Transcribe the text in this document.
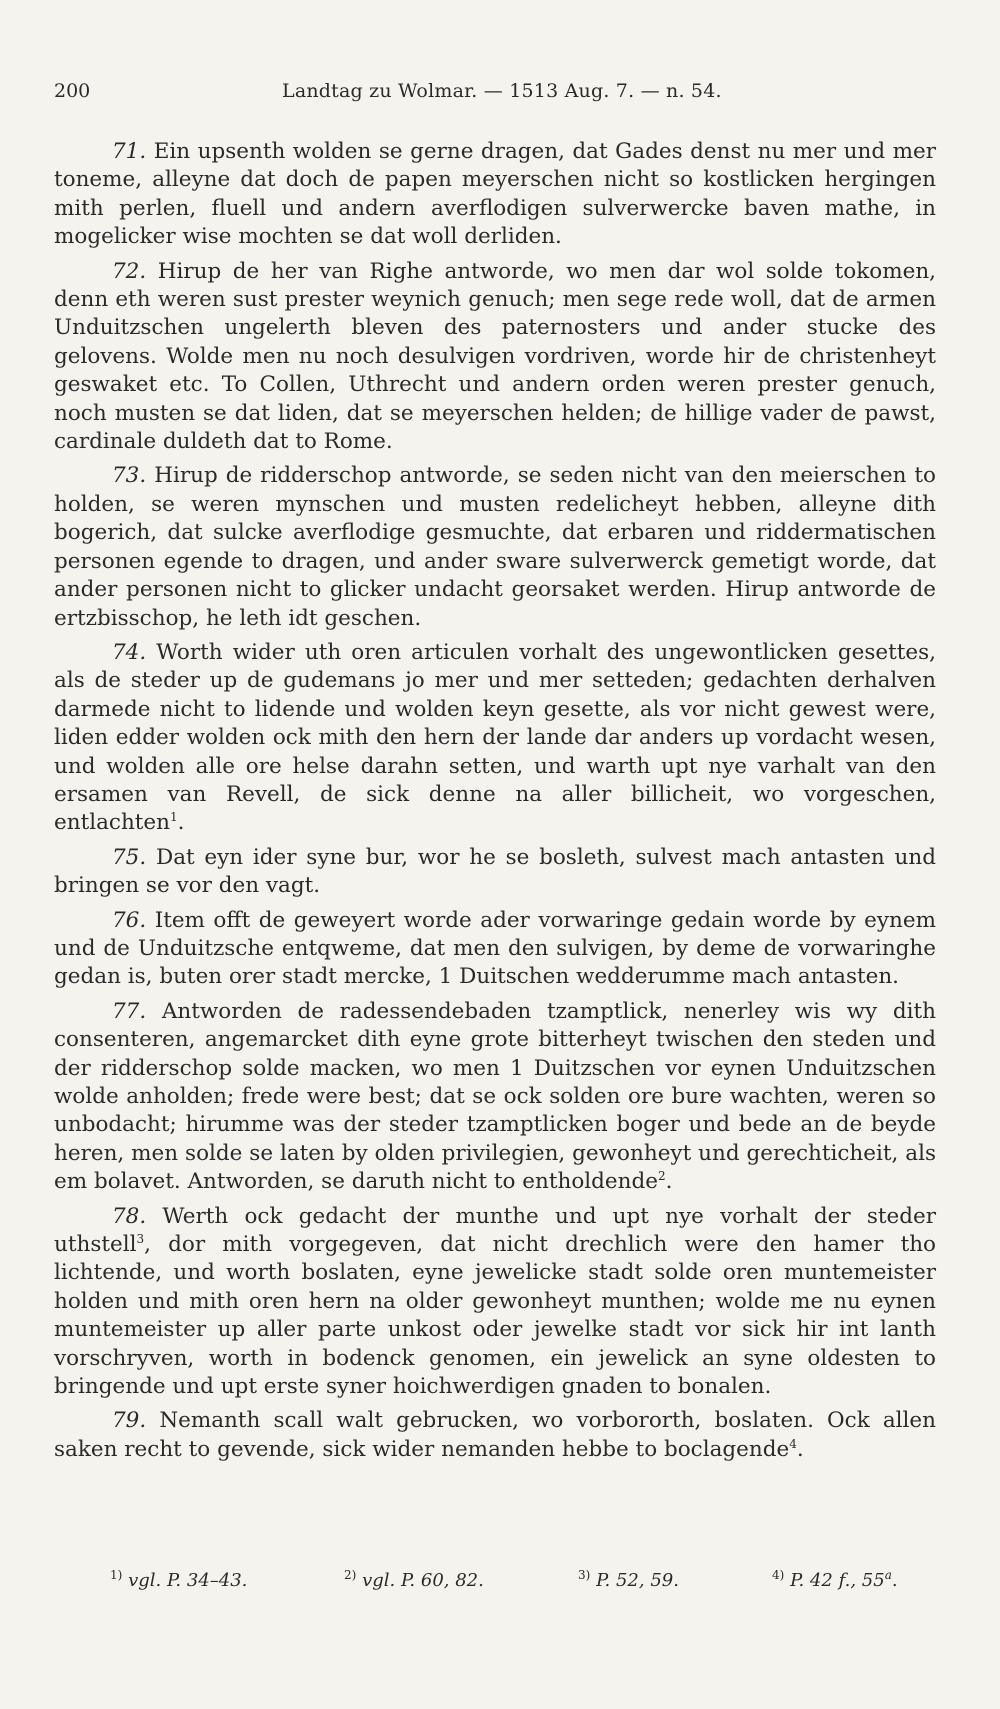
200	Landtag zu Wolmar. — 1513 Aug. 7. — n. 54.

71. Ein upsenth wolden se gerne dragen, dat Gades denst nu mer und mer toneme, alleyne dat doch de papen meyerschen nicht so kostlicken hergingen mith perlen, fluell und andern averflodigen sulverwercke baven mathe, in mogelicker wise mochten se dat woll derliden.

72. Hirup de her van Righe antworde, wo men dar wol solde tokomen, denn eth weren sust prester weynich genuch; men sege rede woll, dat de armen Unduitzschen ungelerth bleven des paternosters und ander stucke des gelovens. Wolde men nu noch desulvigen vordriven, worde hir de christenheyt geswaket etc. To Collen, Uthrecht und andern orden weren prester genuch, noch musten se dat liden, dat se meyerschen helden; de hillige vader de pawst, cardinale duldeth dat to Rome.

73. Hirup de ridderschop antworde, se seden nicht van den meierschen to holden, se weren mynschen und musten redelicheyt hebben, alleyne dith bogerich, dat sulcke averflodige gesmuchte, dat erbaren und riddermatischen personen egende to dragen, und ander sware sulverwerck gemetigt worde, dat ander personen nicht to glicker undacht georsaket werden. Hirup antworde de ertzbisschop, he leth idt geschen.

74. Worth wider uth oren articulen vorhalt des ungewontlicken gesettes, als de steder up de gudemans jo mer und mer setteden; gedachten derhalven darmede nicht to lidende und wolden keyn gesette, als vor nicht gewest were, liden edder wolden ock mith den hern der lande dar anders up vordacht wesen, und wolden alle ore helse darahn setten, und warth upt nye varhalt van den ersamen van Revell, de sick denne na aller billicheit, wo vorgeschen, entlachten$^1$.

75. Dat eyn ider syne bur, wor he se bosleth, sulvest mach antasten und bringen se vor den vagt.

76. Item offt de geweyert worde ader vorwaringe gedain worde by eynem und de Unduitzsche entqweme, dat men den sulvigen, by deme de vorwaringhe gedan is, buten orer stadt mercke, 1 Duitschen wedderumme mach antasten.

77. Antworden de radessendebaden tzamptlick, nenerley wis wy dith consenteren, angemarcket dith eyne grote bitterheyt twischen den steden und der ridderschop solde macken, wo men 1 Duitzschen vor eynen Unduitzschen wolde anholden; frede were best; dat se ock solden ore bure wachten, weren so unbodacht; hirumme was der steder tzamptlicken boger und bede an de beyde heren, men solde se laten by olden privilegien, gewonheyt und gerechticheit, als em bolavet. Antworden, se daruth nicht to entholdende$^2$.

78. Werth ock gedacht der munthe und upt nye vorhalt der steder uthstell$^3$, dor mith vorgegeven, dat nicht drechlich were den hamer tho lichtende, und worth boslaten, eyne jewelicke stadt solde oren muntemeister holden und mith oren hern na older gewonheyt munthen; wolde me nu eynen muntemeister up aller parte unkost oder jewelke stadt vor sick hir int lanth vorschryven, worth in bodenck genomen, ein jewelick an syne oldesten to bringende und upt erste syner hoichwerdigen gnaden to bonalen.

79. Nemanth scall walt gebrucken, wo vorbororth, boslaten. Ock allen saken recht to gevende, sick wider nemanden hebbe to boclagende$^4$.

$^{1)}$ vgl. P. 34–43.	$^{2)}$ vgl. P. 60, 82.	$^{3)}$ P. 52, 59.	$^{4)}$ P. 42 f., 55$^a$.
